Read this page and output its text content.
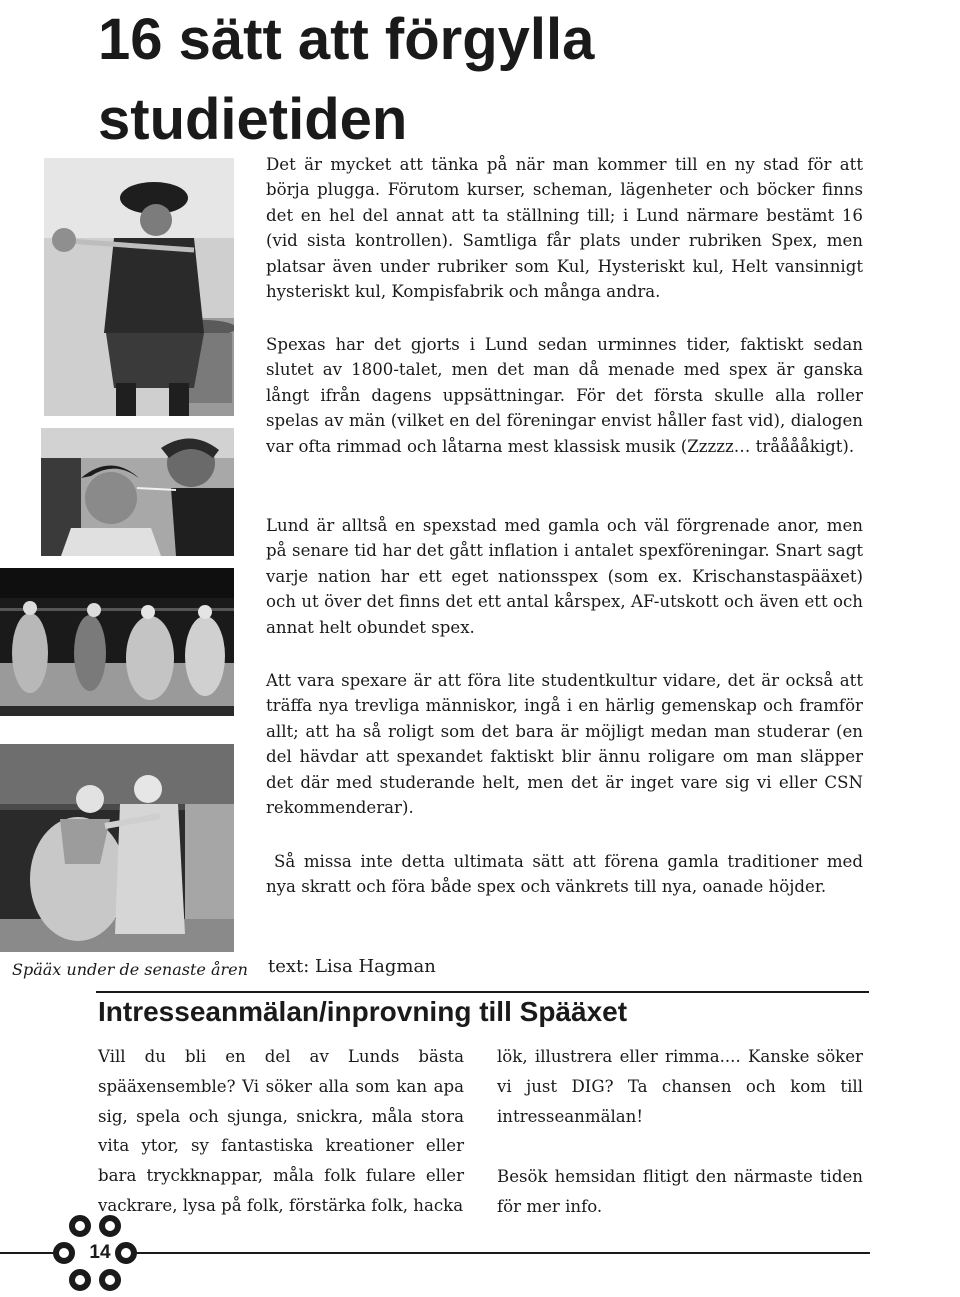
16 sätt att förgylla
studietiden

Det är mycket att tänka på när man kommer till en ny stad för att börja plugga. Förutom kurser, scheman, lägenheter och böcker finns det en hel del annat att ta ställning till; i Lund närmare bestämt 16 (vid sista kontrollen). Samtliga får plats under rubriken Spex, men platsar även under rubriker som Kul, Hysteriskt kul, Helt vansinnigt hysteriskt kul, Kompisfabrik och många andra.

Spexas har det gjorts i Lund sedan urminnes tider, faktiskt sedan slutet av 1800-talet, men det man då menade med spex är ganska långt ifrån dagens uppsättningar. För det första skulle alla roller spelas av män (vilket en del föreningar envist håller fast vid), dialogen var ofta rimmad och låtarna mest klassisk musik (Zzzzz… trååååkigt).

Lund är alltså en spexstad med gamla och väl förgrenade anor, men på senare tid har det gått inflation i antalet spexföreningar. Snart sagt varje nation har ett eget nationsspex (som ex. Krischanstaspääxet) och ut över det finns det ett antal kårspex, AF-utskott och även ett och annat helt obundet spex.

Att vara spexare är att föra lite studentkultur vidare, det är också att träffa nya trevliga människor, ingå i en härlig gemenskap och framför allt; att ha så roligt som det bara är möjligt medan man studerar (en del hävdar att spexandet faktiskt blir ännu roligare om man släpper det där med studerande helt, men det är inget vare sig vi eller CSN rekommenderar).

Så missa inte detta ultimata sätt att förena gamla traditioner med nya skratt och föra både spex och vänkrets till nya, oanade höjder.

Spääx under de senaste åren text: Lisa Hagman
Intresseanmälan/inprovning till Spääxet

Vill du bli en del av Lunds bästa spääxensemble? Vi söker alla som kan apa sig, spela och sjunga, snickra, måla stora vita ytor, sy fantastiska kreationer eller bara tryckknappar, måla folk fulare eller vackrare, lysa på folk, förstärka folk, hacka

lök, illustrera eller rimma.... Kanske söker vi just DIG? Ta chansen och kom till intresseanmälan!

Besök hemsidan flitigt den närmaste tiden för mer info.

14
